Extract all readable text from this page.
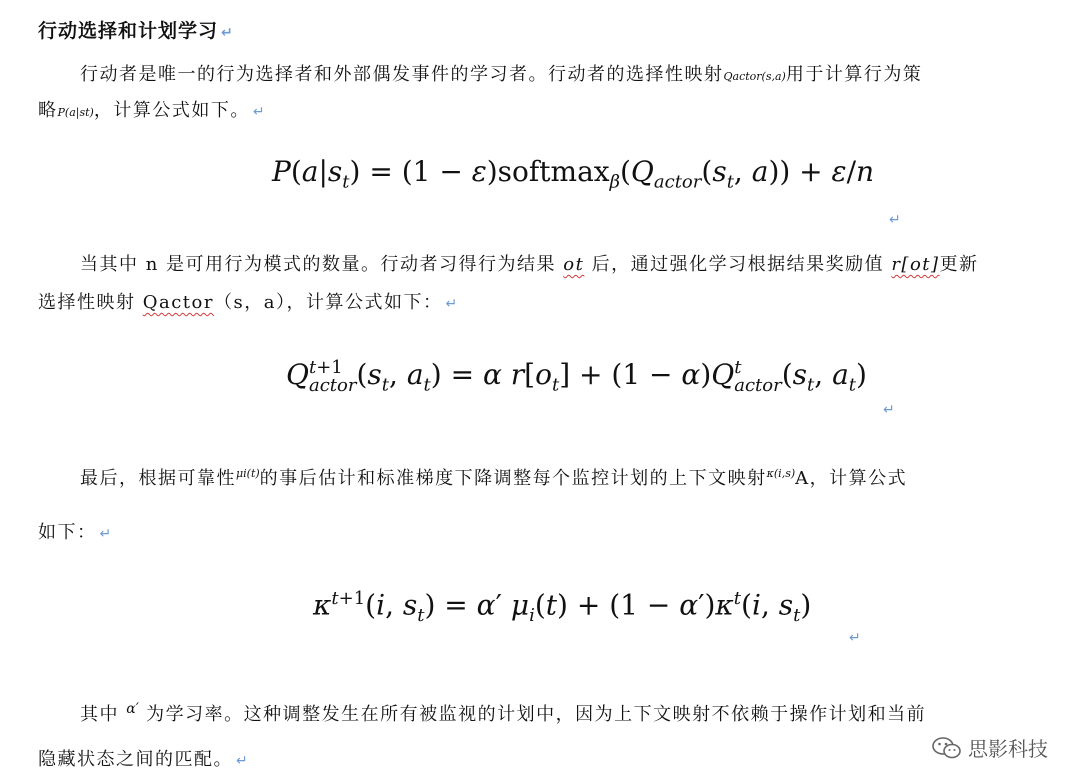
行动选择和计划学习 ↵
行动者是唯一的行为选择者和外部偶发事件的学习者。行动者的选择性映射Qactor(s,a)用于计算行为策
略P(a|st)，计算公式如下。 ↵
$P(a|s_t) = (1$ − $\varepsilon)softmax_\beta(Q_{actor}(s_t$, a)) + ε/n
↵
当其中 n 是可用行为模式的数量。行动者习得行为结果 ot 后，通过强化学习根据结果奖励值 r[ot]更新
选择性映射 Qactor（s，a），计算公式如下： ↵
Q t+1
actor ($s_t$, $a_t) = \alpha$ $r[o_t] + (1 - \alpha)Q$ t
actor ($s_t$, $a_t$)
↵
最后，根据可靠性$^{\mu i(t)}$的事后估计和标准梯度下降调整每个监控计划的上下文映射$^{\kappa(i,s)}$A，计算公式
如下： ↵
$\kappa^{t+1}(i$, $s_t) = \alpha'$ $\mu_i(t) + (1 - \alpha')\kappa^t(i$, $s_t$)
↵
其中 $^{\alpha'}$ 为学习率。这种调整发生在所有被监视的计划中，因为上下文映射不依赖于操作计划和当前
隐藏状态之间的匹配。 ↵	思影科技
